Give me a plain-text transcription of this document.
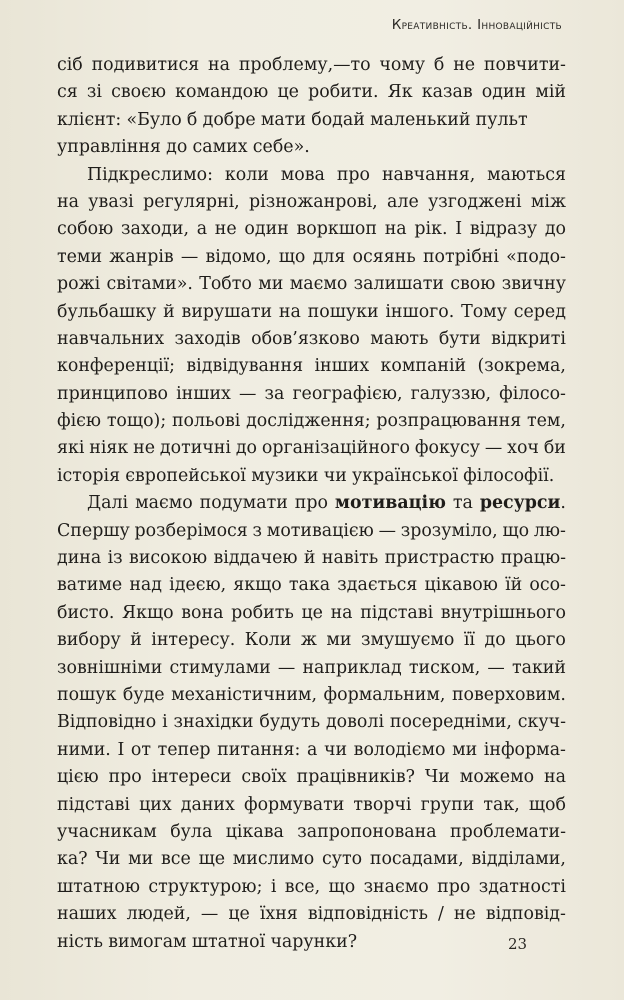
Креативність. Інноваційність
сіб подивитися на проблему,—то чому б не повчити-
ся зі своєю командою це робити. Як казав один мій
клієнт: «Було б добре мати бодай маленький пульт
управління до самих себе».
Підкреслимо: коли мова про навчання, маються
на увазі регулярні, різножанрові, але узгоджені між
собою заходи, а не один воркшоп на рік. І відразу до
теми жанрів — відомо, що для осяянь потрібні «подо-
рожі світами». Тобто ми маємо залишати свою звичну
бульбашку й вирушати на пошуки іншого. Тому серед
навчальних заходів обов’язково мають бути відкриті
конференції; відвідування інших компаній (зокрема,
принципово інших — за географією, галуззю, філосо-
фією тощо); польові дослідження; розпрацювання тем,
які ніяк не дотичні до організаційного фокусу — хоч би
історія європейської музики чи української філософії.
Далі маємо подумати про мотивацію та ресурси.
Спершу розберімося з мотивацією — зрозуміло, що лю-
дина із високою віддачею й навіть пристрастю працю-
ватиме над ідеєю, якщо така здається цікавою їй осо-
бисто. Якщо вона робить це на підставі внутрішнього
вибору й інтересу. Коли ж ми змушуємо її до цього
зовнішніми стимулами — наприклад тиском, — такий
пошук буде механістичним, формальним, поверховим.
Відповідно і знахідки будуть доволі посередніми, скуч-
ними. І от тепер питання: а чи володіємо ми інформа-
цією про інтереси своїх працівників? Чи можемо на
підставі цих даних формувати творчі групи так, щоб
учасникам була цікава запропонована проблемати-
ка? Чи ми все ще мислимо суто посадами, відділами,
штатною структурою; і все, що знаємо про здатності
наших людей, — це їхня відповідність / не відповід-
ність вимогам штатної чарунки?	23
